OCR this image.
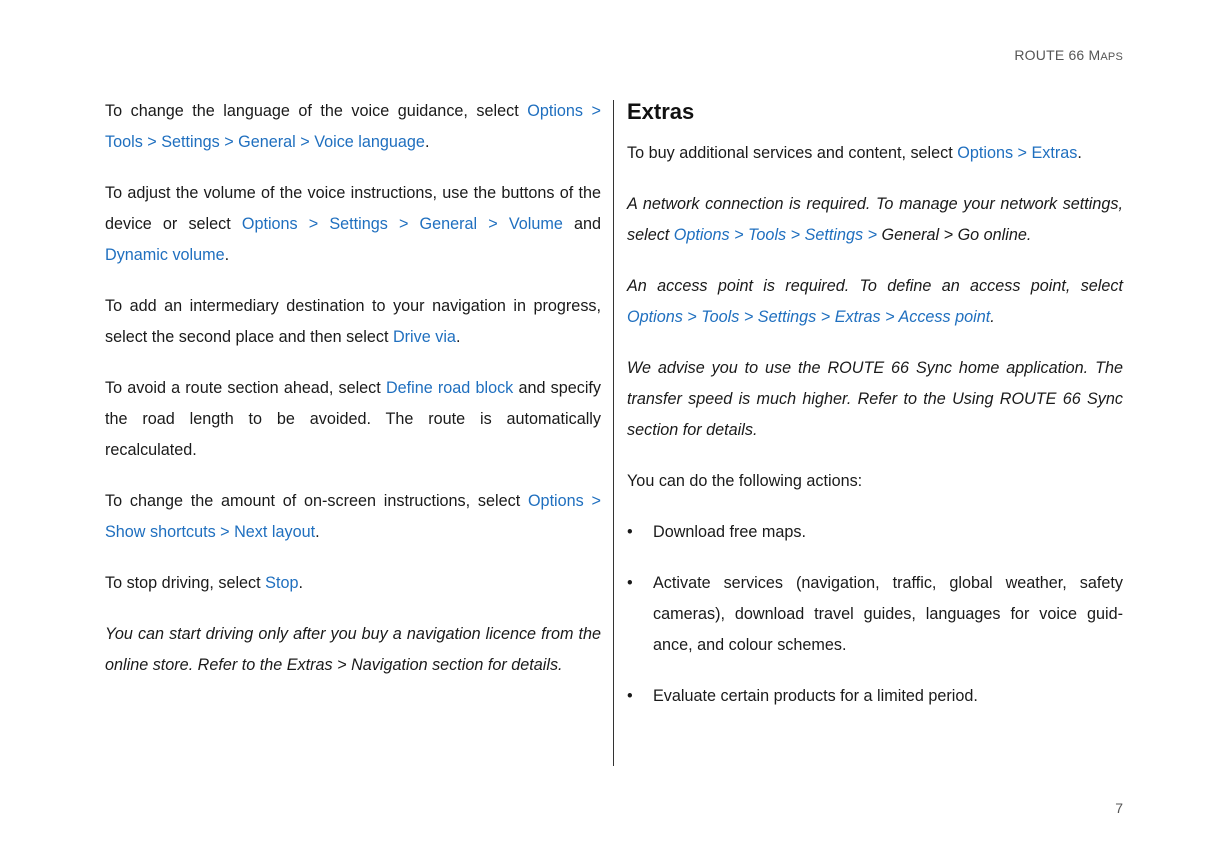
ROUTE 66 MAPS

To change the language of the voice guidance, select Options > Tools > Settings > General > Voice language.

To adjust the volume of the voice instructions, use the buttons of the device or select Options > Settings > General > Volume and Dynamic volume.

To add an intermediary destination to your navigation in progress, select the second place and then select Drive via.

To avoid a route section ahead, select Define road block and specify the road length to be avoided. The route is automatically recalculated.

To change the amount of on-screen instructions, select Options > Show shortcuts > Next layout.

To stop driving, select Stop.

You can start driving only after you buy a navigation licence from the online store. Refer to the Extras > Navigation section for details.

Extras

To buy additional services and content, select Options > Extras.

A network connection is required. To manage your network settings, select Options > Tools > Settings > General > Go online.

An access point is required. To define an access point, select Options > Tools > Settings > Extras > Access point.

We advise you to use the ROUTE 66 Sync home application. The transfer speed is much higher. Refer to the Using ROUTE 66 Sync section for details.

You can do the following actions:

• Download free maps.
• Activate services (navigation, traffic, global weather, safety cameras), download travel guides, languages for voice guid-ance, and colour schemes.
• Evaluate certain products for a limited period.
7
